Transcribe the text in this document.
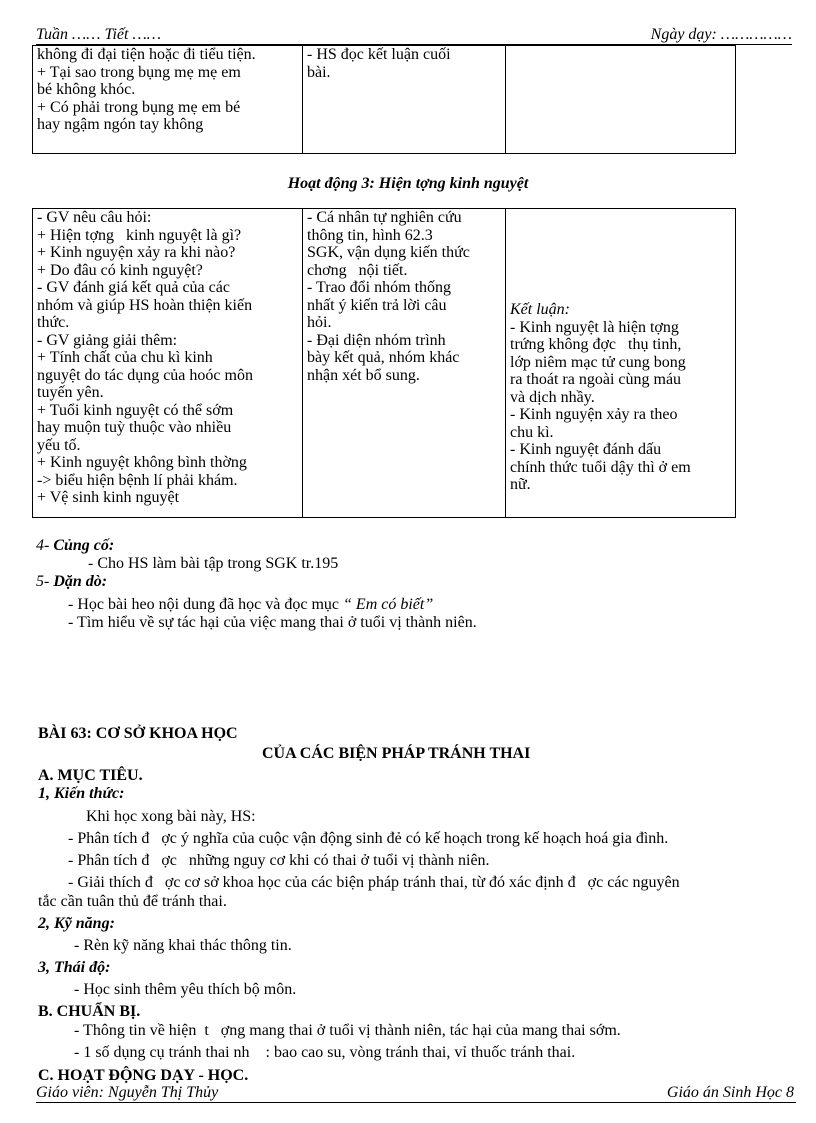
Tuần …… Tiết ……	Ngày dạy: ……………
không đi đại tiện hoặc đi tiểu tiện.
+ Tại sao trong bụng mẹ mẹ em
bé không khóc.
+ Có phải trong bụng mẹ em bé
hay ngậm ngón tay không

- HS đọc kết luận cuối
bài.

Hoạt động 3: Hiện tợng kinh nguyệt
- GV nêu câu hỏi:
+ Hiện tợng   kinh nguyệt là gì?
+ Kinh nguyện xảy ra khi nào?
+ Do đâu có kinh nguyệt?
- GV đánh giá kết quả của các
nhóm và giúp HS hoàn thiện kiến
thức.
- GV giảng giải thêm:
+ Tính chất của chu kì kinh
nguyệt do tác dụng của hoóc môn
tuyến yên.
+ Tuổi kinh nguyệt có thể sớm
hay muộn tuỳ thuộc vào nhiều
yếu tố.
+ Kinh nguyệt không bình thờng
-> biểu hiện bệnh lí phải khám.
+ Vệ sinh kinh nguyệt

- Cá nhân tự nghiên cứu
thông tin, hình 62.3
SGK, vận dụng kiến thức
chơng   nội tiết.
- Trao đổi nhóm thống
nhất ý kiến trả lời câu
hỏi.
- Đại diện nhóm trình
bày kết quả, nhóm khác
nhận xét bổ sung.

Kết luận:
- Kinh nguyệt là hiện tợng
trứng không đợc   thụ tinh,
lớp niêm mạc tử cung bong
ra thoát ra ngoài cùng máu
và dịch nhầy.
- Kinh nguyện xảy ra theo
chu kì.
- Kinh nguyệt đánh dấu
chính thức tuổi dậy thì ở em
nữ.
4- Củng cố:
- Cho HS làm bài tập trong SGK tr.195
5- Dặn dò:
- Học bài heo nội dung đã học và đọc mục “ Em có biết”
- Tìm hiểu về sự tác hại của việc mang thai ở tuổi vị thành niên.
BÀI 63: CƠ SỞ KHOA HỌC
CỦA CÁC BIỆN PHÁP TRÁNH THAI
A. MỤC TIÊU.
1, Kiến thức:
Khi học xong bài này, HS:
- Phân tích đ   ợc ý nghĩa của cuộc vận động sinh đẻ có kế hoạch trong kế hoạch hoá gia đình.
- Phân tích đ   ợc   những nguy cơ khi có thai ở tuổi vị thành niên.
- Giải thích đ   ợc cơ sở khoa học của các biện pháp tránh thai, từ đó xác định đ   ợc các nguyên
tắc cần tuân thủ để tránh thai.
2, Kỹ năng:
- Rèn kỹ năng khai thác thông tin.
3, Thái độ:
- Học sinh thêm yêu thích bộ môn.
B. CHUẨN BỊ.
- Thông tin về hiện  t   ợng mang thai ở tuổi vị thành niên, tác hại của mang thai sớm.
- 1 số dụng cụ tránh thai nh    : bao cao su, vòng tránh thai, vỉ thuốc tránh thai.
C. HOẠT ĐỘNG DẠY - HỌC.
Giáo viên: Nguyễn Thị Thủy	Giáo án Sinh Học 8
